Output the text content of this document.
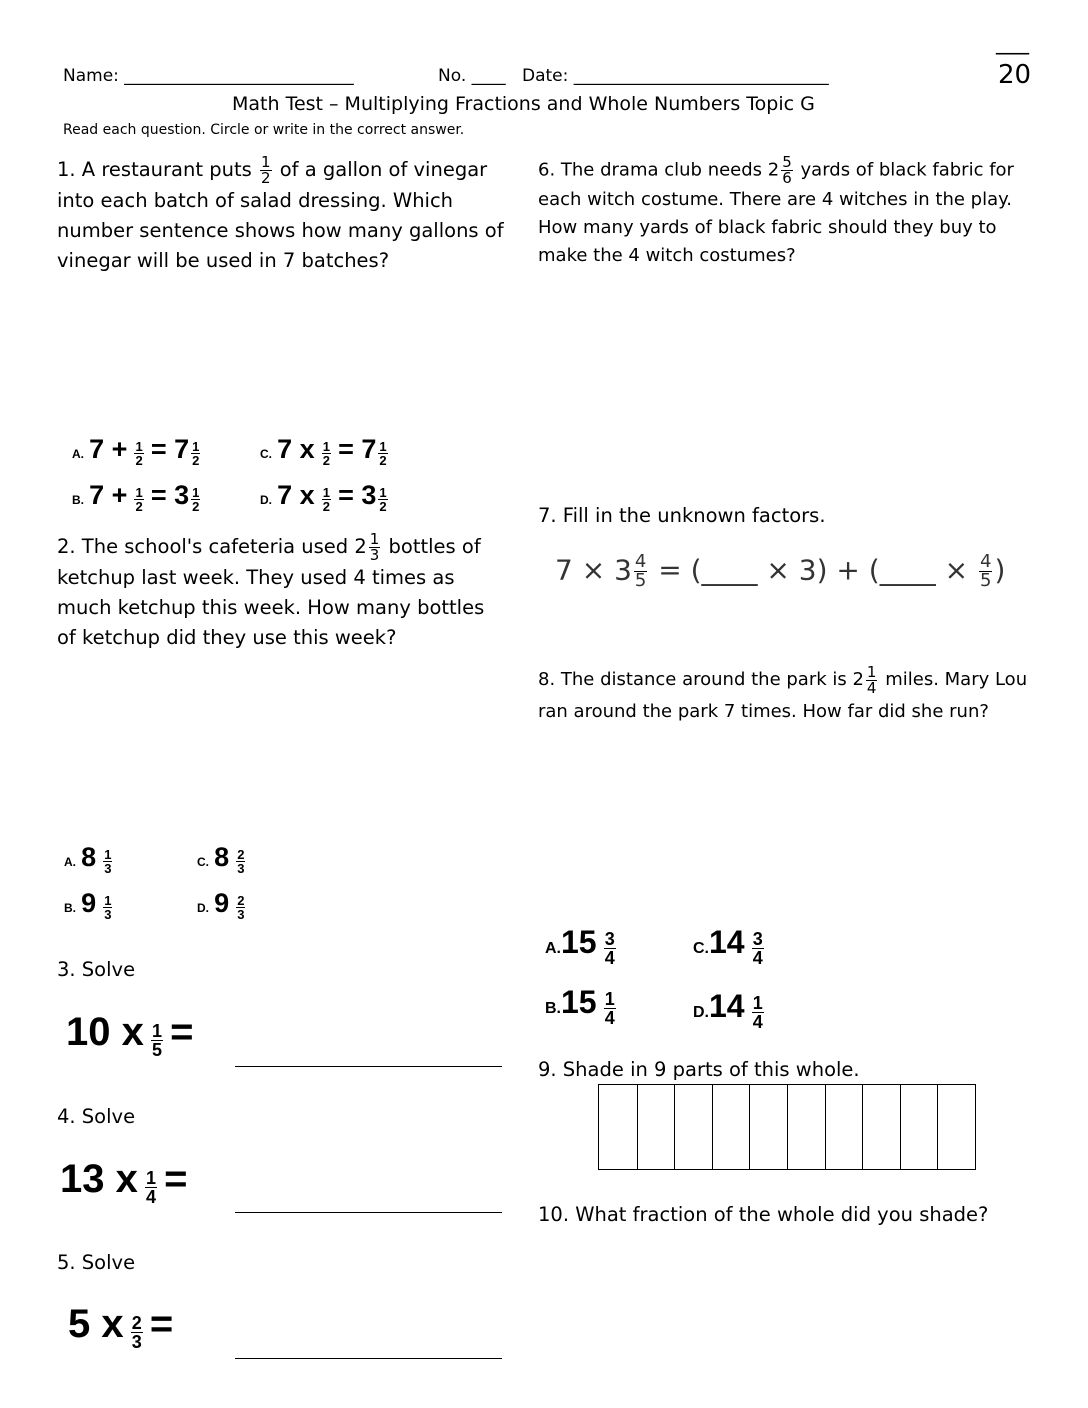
Name: ___________________________	No. ____ Date: ______________________________
___
20
Math Test – Multiplying Fractions and Whole Numbers Topic G
Read each question. Circle or write in the correct answer.
1. A restaurant puts $\frac{1}{2}$ of a gallon of vinegar
into each batch of salad dressing. Which
number sentence shows how many gallons of
vinegar will be used in 7 batches?
A. $7 + \frac{1}{2} = 7 \frac{1}{2}$
B. $7 + \frac{1}{2} = 3 \frac{1}{2}$
C. 7 x $\frac{1}{2} = 7 \frac{1}{2}$
D. 7 x $\frac{1}{2} = 3 \frac{1}{2}$
2. The school's cafeteria used $2 \frac{1}{3}$ bottles of
ketchup last week. They used 4 times as
much ketchup this week. How many bottles
of ketchup did they use this week?
A. $8 \frac{1}{3}$
B. $9 \frac{1}{3}$
C. $8 \frac{2}{3}$
D. $9 \frac{2}{3}$
3. Solve
10 x $\frac{1}{5}$ =
4. Solve
13 x $\frac{1}{4}$ =
5. Solve
5 x $\frac{2}{3}$ =
6. The drama club needs $2 \frac{5}{6}$ yards of black fabric for
each witch costume. There are 4 witches in the play.
How many yards of black fabric should they buy to
make the 4 witch costumes?
7. Fill in the unknown factors.
$7 \times 3 \frac{4}{5}$ = (____ × 3) + (____ × $\frac{4}{5}$ )
8. The distance around the park is $2 \frac{1}{4}$ miles. Mary Lou
ran around the park 7 times. How far did she run?
$A.15 \frac{3}{4}$
$B.15 \frac{1}{4}$
$C.14 \frac{3}{4}$
$D.14 \frac{1}{4}$
9. Shade in 9 parts of this whole.
10. What fraction of the whole did you shade?
